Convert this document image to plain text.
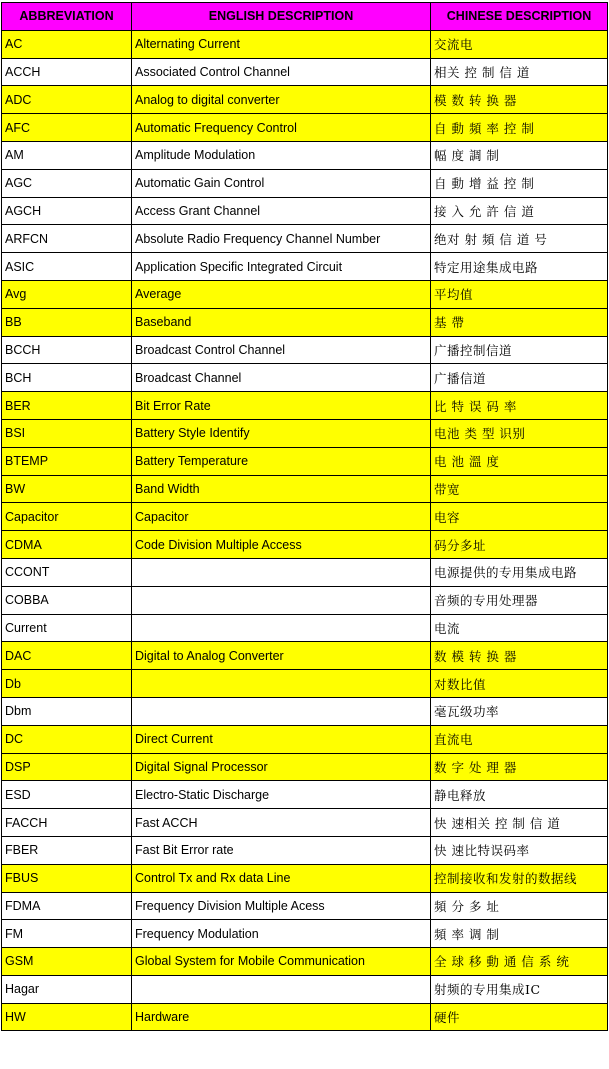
ABBREVIATION	ENGLISH DESCRIPTION	CHINESE DESCRIPTION
AC	Alternating Current	交流电
ACCH	Associated Control Channel	相关 控 制 信 道
ADC	Analog to digital converter	模 数 转 换 器
AFC	Automatic Frequency Control	自 動 頻 率 控 制
AM	Amplitude Modulation	幅 度 調 制
AGC	Automatic Gain Control	自 動 增 益 控 制
AGCH	Access Grant Channel	接 入 允 許 信 道
ARFCN	Absolute Radio Frequency Channel Number	绝对 射 頻 信 道 号
ASIC	Application Specific Integrated Circuit	特定用途集成电路
Avg	Average	平均值
BB	Baseband	基 帶
BCCH	Broadcast Control Channel	广播控制信道
BCH	Broadcast Channel	广播信道
BER	Bit Error Rate	比 特 误 码 率
BSI	Battery Style Identify	电池 类 型 识别
BTEMP	Battery Temperature	电 池 溫 度
BW	Band Width	带宽
Capacitor	Capacitor	电容
CDMA	Code Division Multiple Access	码分多址
CCONT		电源提供的专用集成电路
COBBA		音频的专用处理器
Current		电流
DAC	Digital to Analog Converter	数 模 转 换 器
Db		对数比值
Dbm		毫瓦级功率
DC	Direct Current	直流电
DSP	Digital Signal Processor	数 字 处 理 器
ESD	Electro-Static Discharge	静电释放
FACCH	Fast ACCH	快 速相关 控 制 信 道
FBER	Fast Bit Error rate	快 速比特误码率
FBUS	Control Tx and Rx data Line	控制接收和发射的数据线
FDMA	Frequency Division Multiple Acess	頻 分 多 址
FM	Frequency Modulation	頻 率 调 制
GSM	Global System for Mobile Communication	全 球 移 動 通 信 系 统
Hagar		射频的专用集成IC
HW	Hardware	硬件
